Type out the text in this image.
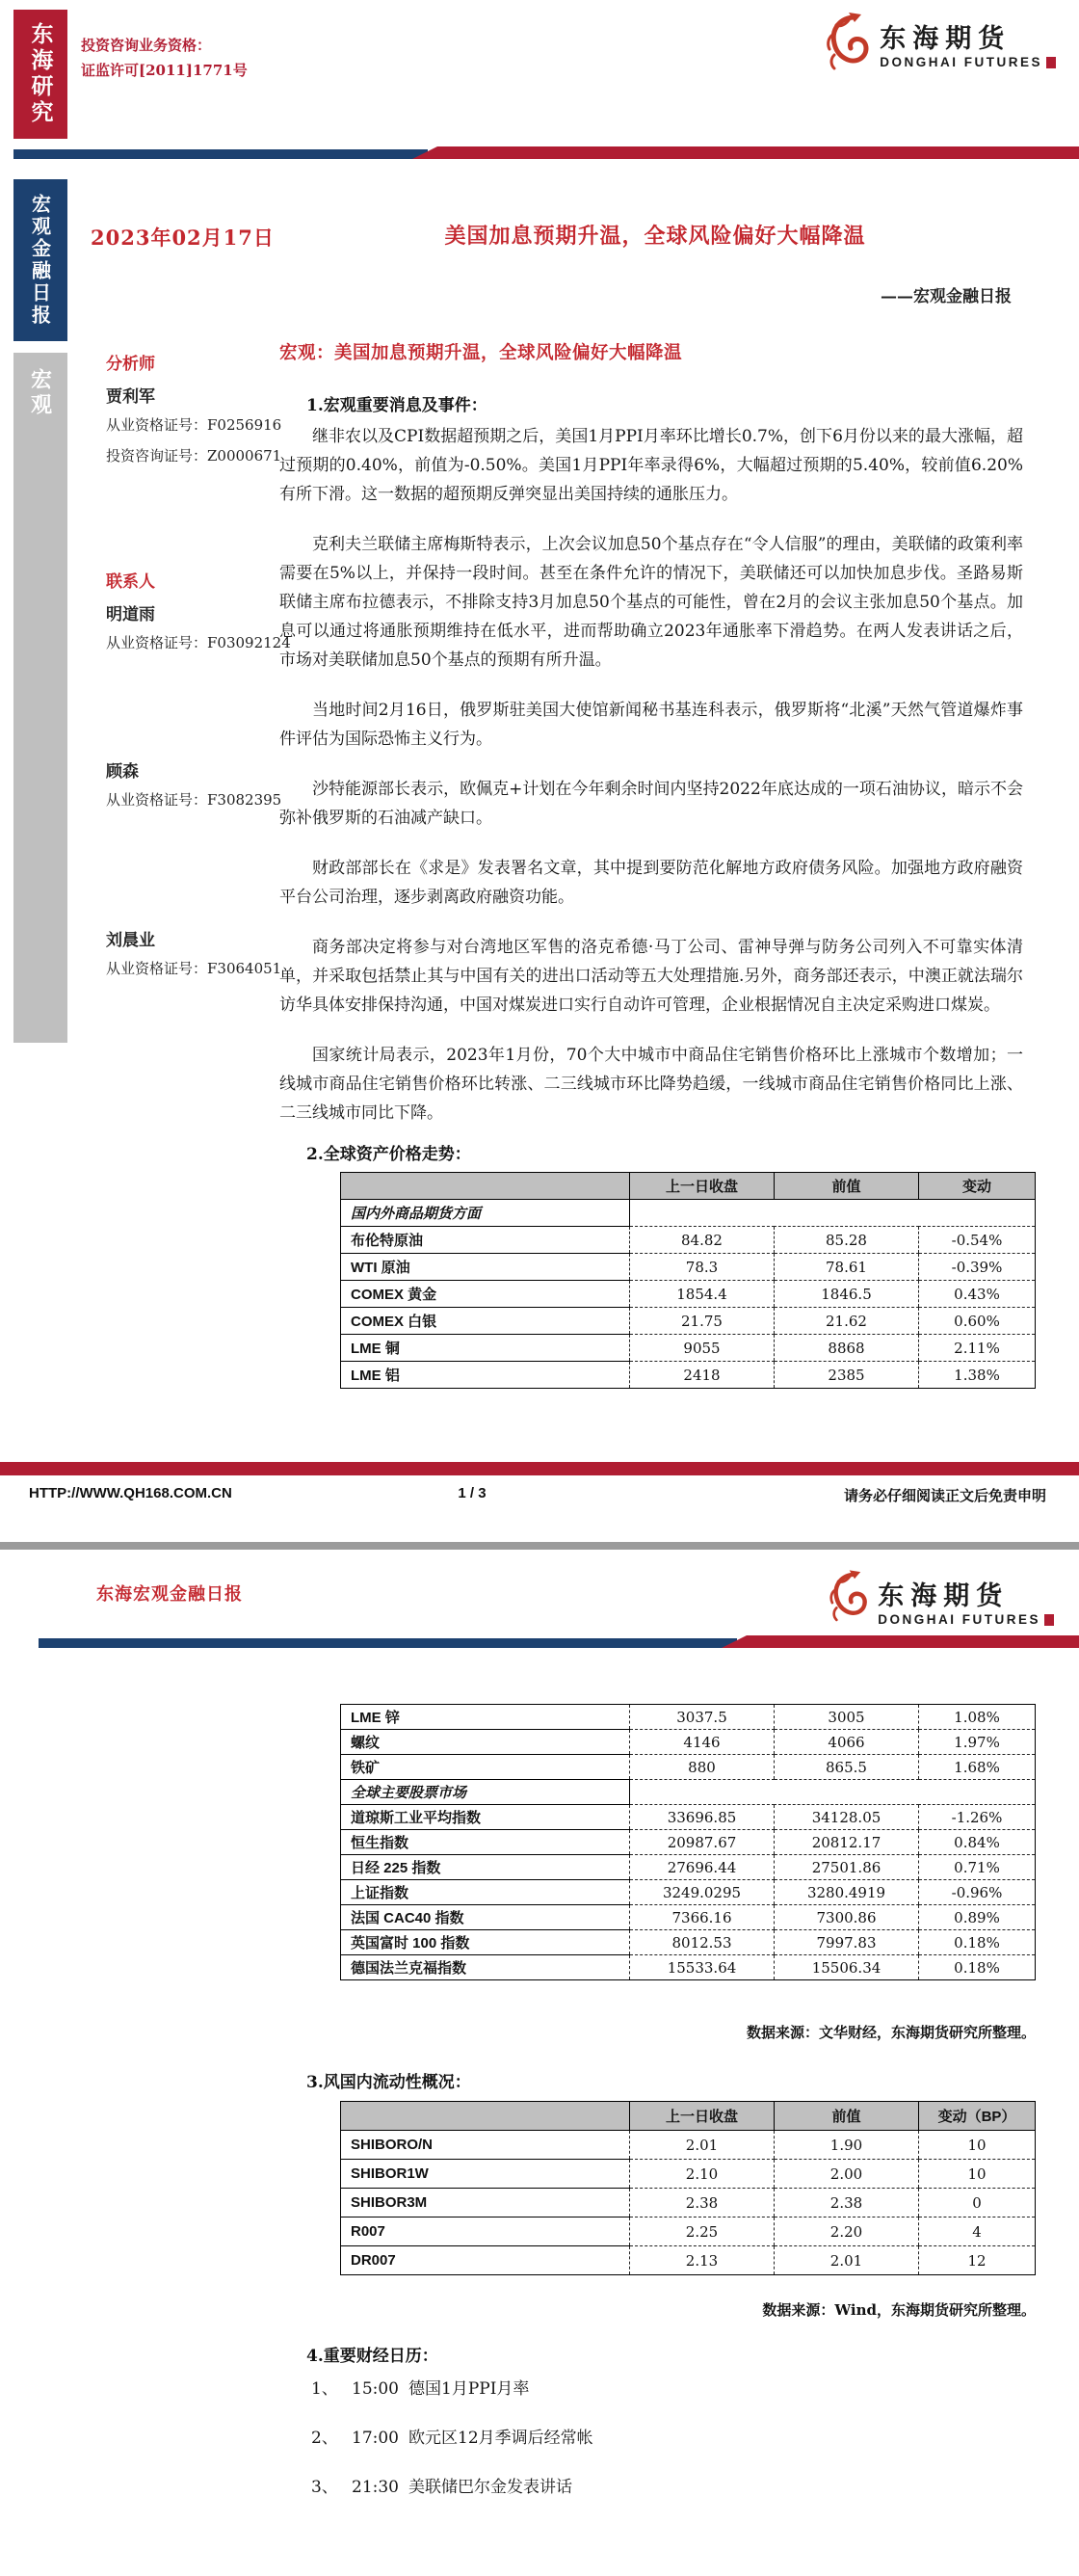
东海研究 投资咨询业务资格：
证监许可[2011]1771号
东海期货
DONGHAI FUTURES
宏观金融日报
宏观
2023年02月17日	美国加息预期升温，全球风险偏好大幅降温
——宏观金融日报
分析师
贾利军
从业资格证号：F0256916
投资咨询证号：Z0000671
联系人
明道雨
从业资格证号：F03092124
顾森
从业资格证号：F3082395
刘晨业
从业资格证号：F3064051
宏观：美国加息预期升温，全球风险偏好大幅降温
1.宏观重要消息及事件：

继非农以及CPI数据超预期之后，美国1月PPI月率环比增长0.7%，创下6月份以来的最大涨幅，超过预期的0.40%，前值为-0.50%。美国1月PPI年率录得6%，大幅超过预期的5.40%，较前值6.20%有所下滑。这一数据的超预期反弹突显出美国持续的通胀压力。

克利夫兰联储主席梅斯特表示，上次会议加息50个基点存在“令人信服”的理由，美联储的政策利率需要在5%以上，并保持一段时间。甚至在条件允许的情况下，美联储还可以加快加息步伐。圣路易斯联储主席布拉德表示，不排除支持3月加息50个基点的可能性，曾在2月的会议主张加息50个基点。加息可以通过将通胀预期维持在低水平，进而帮助确立2023年通胀率下滑趋势。在两人发表讲话之后，市场对美联储加息50个基点的预期有所升温。

当地时间2月16日，俄罗斯驻美国大使馆新闻秘书基连科表示，俄罗斯将“北溪”天然气管道爆炸事件评估为国际恐怖主义行为。

沙特能源部长表示，欧佩克+计划在今年剩余时间内坚持2022年底达成的一项石油协议，暗示不会弥补俄罗斯的石油减产缺口。

财政部部长在《求是》发表署名文章，其中提到要防范化解地方政府债务风险。加强地方政府融资平台公司治理，逐步剥离政府融资功能。

商务部决定将参与对台湾地区军售的洛克希德·马丁公司、雷神导弹与防务公司列入不可靠实体清单，并采取包括禁止其与中国有关的进出口活动等五大处理措施.另外，商务部还表示，中澳正就法瑞尔访华具体安排保持沟通，中国对煤炭进口实行自动许可管理，企业根据情况自主决定采购进口煤炭。

国家统计局表示，2023年1月份，70个大中城市中商品住宅销售价格环比上涨城市个数增加；一线城市商品住宅销售价格环比转涨、二三线城市环比降势趋缓，一线城市商品住宅销售价格同比上涨、二三线城市同比下降。

2.全球资产价格走势：
	上一日收盘	前值	变动
国内外商品期货方面			
布伦特原油	84.82	85.28	-0.54%
WTI 原油	78.3	78.61	-0.39%
COMEX 黄金	1854.4	1846.5	0.43%
COMEX 白银	21.75	21.62	0.60%
LME 铜	9055	8868	2.11%
LME 铝	2418	2385	1.38%
HTTP://WWW.QH168.COM.CN	1 / 3	请务必仔细阅读正文后免责申明
东海宏观金融日报	东海期货
DONGHAI FUTURES
LME 锌	3037.5	3005	1.08%
螺纹	4146	4066	1.97%
铁矿	880	865.5	1.68%
全球主要股票市场			
道琼斯工业平均指数	33696.85	34128.05	-1.26%
恒生指数	20987.67	20812.17	0.84%
日经 225 指数	27696.44	27501.86	0.71%
上证指数	3249.0295	3280.4919	-0.96%
法国 CAC40 指数	7366.16	7300.86	0.89%
英国富时 100 指数	8012.53	7997.83	0.18%
德国法兰克福指数	15533.64	15506.34	0.18%
数据来源：文华财经，东海期货研究所整理。
3.风国内流动性概况：
	上一日收盘	前值	变动（BP）
SHIBORO/N	2.01	1.90	10
SHIBOR1W	2.10	2.00	10
SHIBOR3M	2.38	2.38	0
R007	2.25	2.20	4
DR007	2.13	2.01	12
数据来源：Wind，东海期货研究所整理。
4.重要财经日历：
1、 15:00 德国1月PPI月率
2、 17:00 欧元区12月季调后经常帐
3、 21:30 美联储巴尔金发表讲话
